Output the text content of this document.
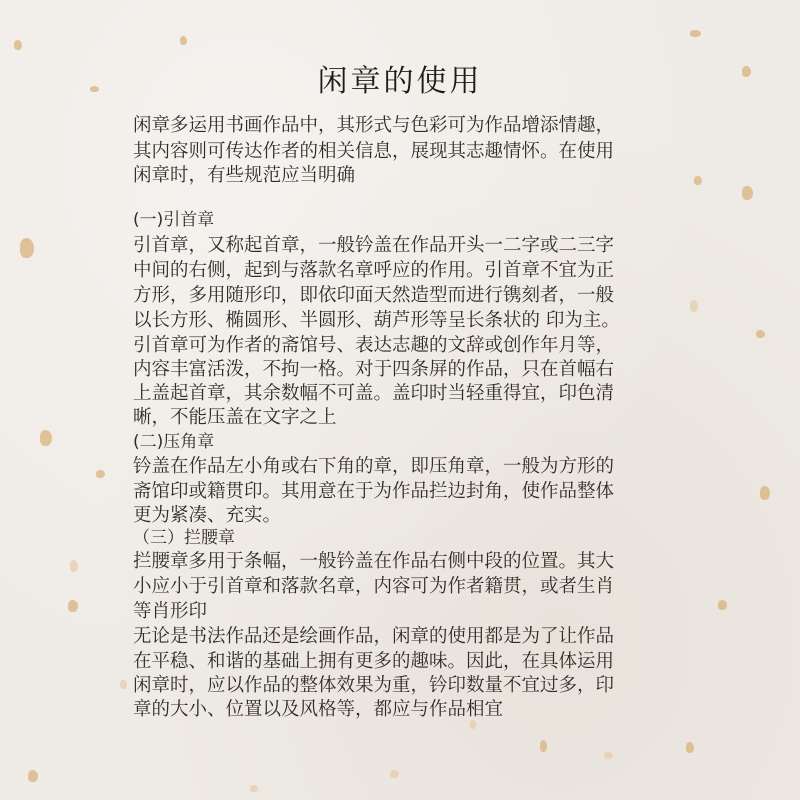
闲章的使用

闲章多运用书画作品中，其形式与色彩可为作品增添情趣，

其内容则可传达作者的相关信息，展现其志趣情怀。在使用

闲章时，有些规范应当明确

(一)引首章

引首章，又称起首章，一般钤盖在作品开头一二字或二三字

中间的右侧，起到与落款名章呼应的作用。引首章不宜为正

方形，多用随形印，即依印面天然造型而进行镌刻者，一般

以长方形、椭圆形、半圆形、葫芦形等呈长条状的 印为主。

引首章可为作者的斋馆号、表达志趣的文辞或创作年月等，

内容丰富活泼，不拘一格。对于四条屏的作品，只在首幅右

上盖起首章，其余数幅不可盖。盖印时当轻重得宜，印色清

晰，不能压盖在文字之上

(二)压角章

钤盖在作品左小角或右下角的章，即压角章，一般为方形的

斋馆印或籍贯印。其用意在于为作品拦边封角，使作品整体

更为紧凑、充实。

（三）拦腰章

拦腰章多用于条幅，一般钤盖在作品右侧中段的位置。其大

小应小于引首章和落款名章，内容可为作者籍贯，或者生肖

等肖形印

无论是书法作品还是绘画作品，闲章的使用都是为了让作品

在平稳、和谐的基础上拥有更多的趣味。因此，在具体运用

闲章时，应以作品的整体效果为重，钤印数量不宜过多，印

章的大小、位置以及风格等，都应与作品相宜
